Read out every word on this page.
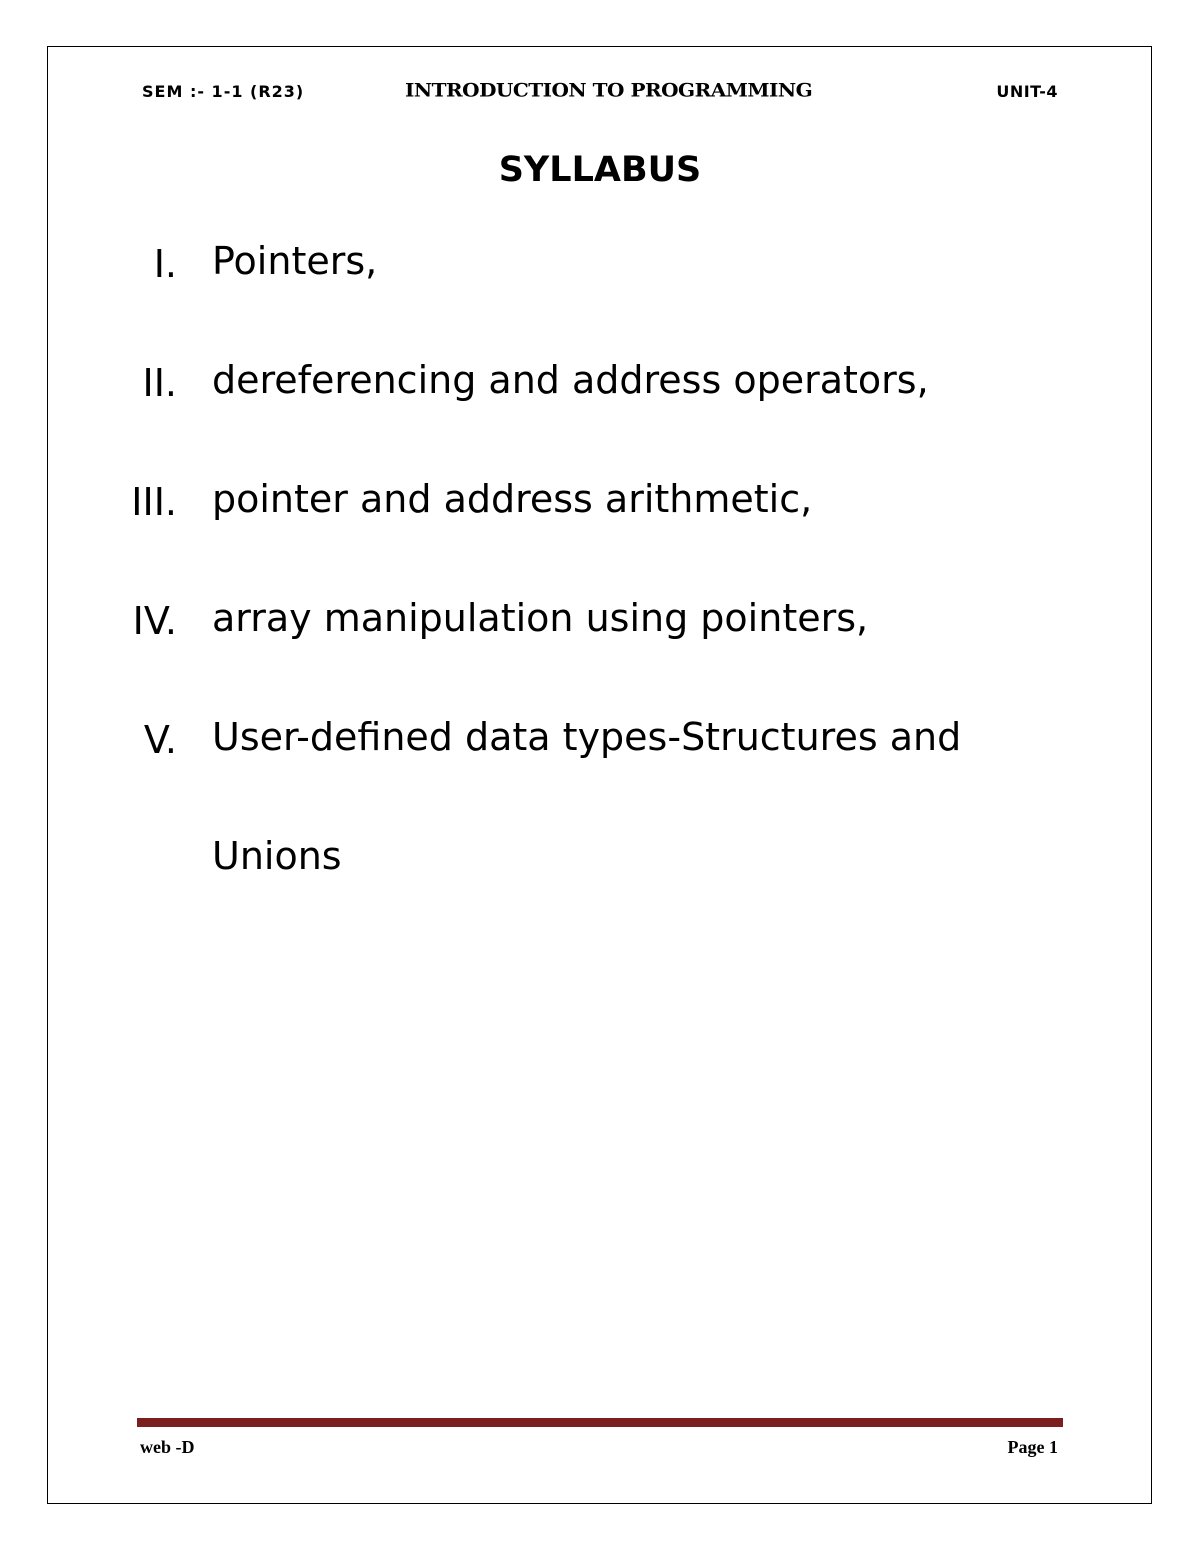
SEM :- 1-1 (R23)	INTRODUCTION TO PROGRAMMING	UNIT-4
SYLLABUS
I. Pointers,
II. dereferencing and address operators,
III. pointer and address arithmetic,
IV. array manipulation using pointers,
V. User-defined data types-Structures and Unions
web -D	Page 1
